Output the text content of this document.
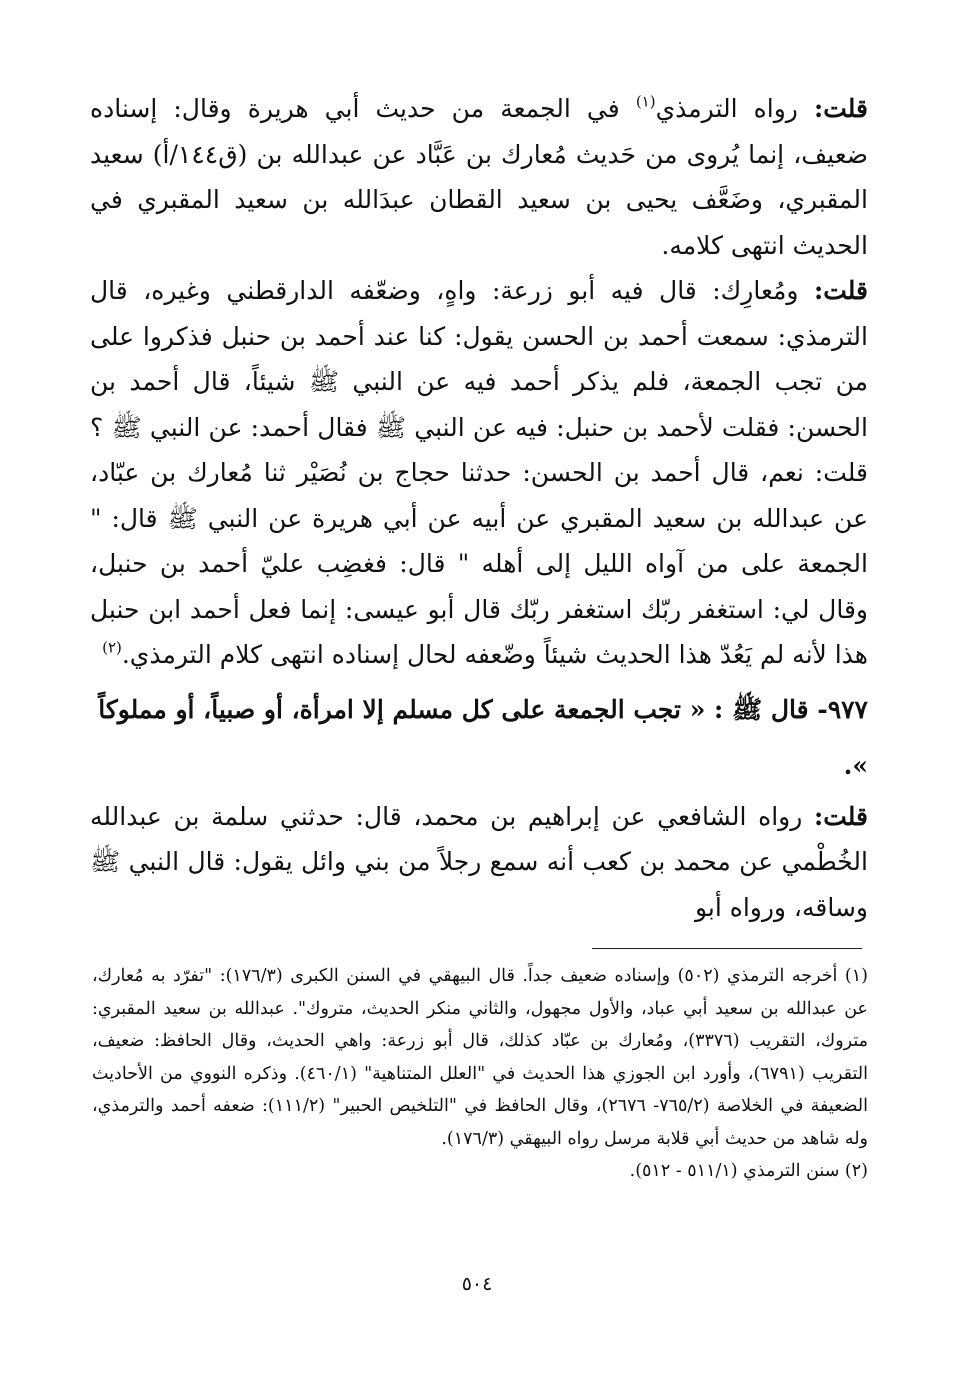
قلت: رواه الترمذي$^{(١)}$ في الجمعة من حديث أبي هريرة وقال: إسناده ضعيف، إنما يُروى من حَديث مُعارك بن عَبَّاد عن عبدالله بن (ق١٤٤/أ) سعيد المقبري، وضَعَّف يحيى بن سعيد القطان عبدَالله بن سعيد المقبري في الحديث انتهى كلامه.

قلت: ومُعارِك: قال فيه أبو زرعة: واهٍ، وضعّفه الدارقطني وغيره، قال الترمذي: سمعت أحمد بن الحسن يقول: كنا عند أحمد بن حنبل فذكروا على من تجب الجمعة، فلم يذكر أحمد فيه عن النبي ﷺ شيئاً، قال أحمد بن الحسن: فقلت لأحمد بن حنبل: فيه عن النبي ﷺ فقال أحمد: عن النبي ﷺ ؟ قلت: نعم، قال أحمد بن الحسن: حدثنا حجاج بن نُصَيْر ثنا مُعارك بن عبّاد، عن عبدالله بن سعيد المقبري عن أبيه عن أبي هريرة عن النبي ﷺ قال: " الجمعة على من آواه الليل إلى أهله " قال: فغضِب عليّ أحمد بن حنبل، وقال لي: استغفر ربّك استغفر ربّك قال أبو عيسى: إنما فعل أحمد ابن حنبل هذا لأنه لم يَعُدّ هذا الحديث شيئاً وضّعفه لحال إسناده انتهى كلام الترمذي.$^{(٢)}$

٩٧٧- قال ﷺ : « تجب الجمعة على كل مسلم إلا امرأة، أو صبياً، أو مملوكاً ».

قلت: رواه الشافعي عن إبراهيم بن محمد، قال: حدثني سلمة بن عبدالله الخُطْمي عن محمد بن كعب أنه سمع رجلاً من بني وائل يقول: قال النبي ﷺ وساقه، ورواه أبو

(١) أخرجه الترمذي (٥٠٢) وإسناده ضعيف جداً. قال البيهقي في السنن الكبرى (١٧٦/٣): "تفرّد به مُعارك، عن عبدالله بن سعيد أبي عباد، والأول مجهول، والثاني منكر الحديث، متروك". عبدالله بن سعيد المقبري: متروك، التقريب (٣٣٧٦)، ومُعارك بن عبّاد كذلك، قال أبو زرعة: واهي الحديث، وقال الحافظ: ضعيف، التقريب (٦٧٩١)، وأورد ابن الجوزي هذا الحديث في "العلل المتناهية" (٤٦٠/١). وذكره النووي من الأحاديث الضعيفة في الخلاصة (٧٦٥/٢- ٢٦٧٦)، وقال الحافظ في "التلخيص الحبير" (١١١/٢): ضعفه أحمد والترمذي، وله شاهد من حديث أبي قلابة مرسل رواه البيهقي (١٧٦/٣).

(٢) سنن الترمذي (٥١١/١ - ٥١٢).

٥٠٤
